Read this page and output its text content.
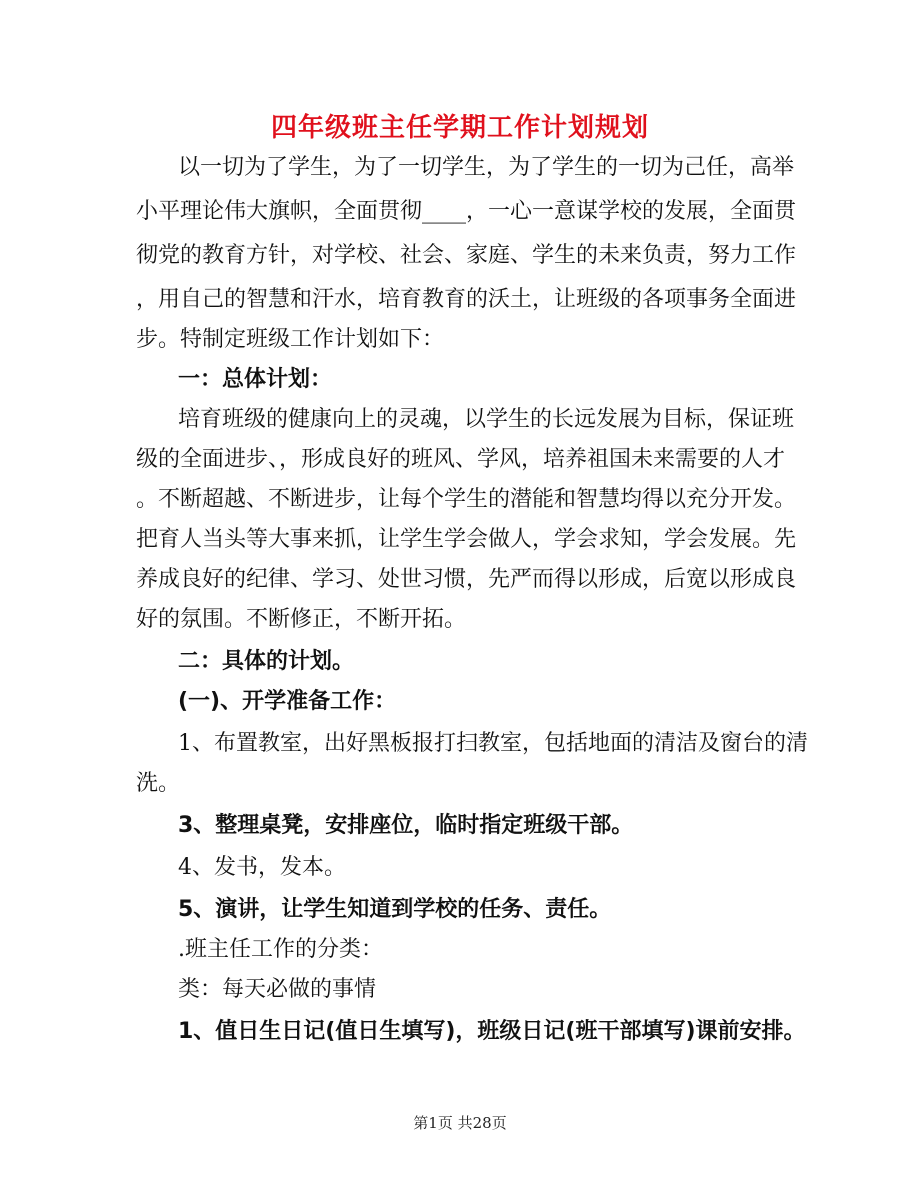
四年级班主任学期工作计划规划
以一切为了学生，为了一切学生，为了学生的一切为己任，高举
小平理论伟大旗帜，全面贯彻____，一心一意谋学校的发展，全面贯
彻党的教育方针，对学校、社会、家庭、学生的未来负责，努力工作
，用自己的智慧和汗水，培育教育的沃土，让班级的各项事务全面进
步。特制定班级工作计划如下：
一：总体计划：
培育班级的健康向上的灵魂，以学生的长远发展为目标，保证班
级的全面进步、，形成良好的班风、学风，培养祖国未来需要的人才
。不断超越、不断进步，让每个学生的潜能和智慧均得以充分开发。
把育人当头等大事来抓，让学生学会做人，学会求知，学会发展。先
养成良好的纪律、学习、处世习惯，先严而得以形成，后宽以形成良
好的氛围。不断修正，不断开拓。
二：具体的计划。
(一)、开学准备工作：
1、布置教室，出好黑板报打扫教室，包括地面的清洁及窗台的清
洗。
3、整理桌凳，安排座位，临时指定班级干部。
4、发书，发本。
5、演讲，让学生知道到学校的任务、责任。
.班主任工作的分类：
类：每天必做的事情
1、值日生日记(值日生填写)，班级日记(班干部填写)课前安排。
第1页 共28页
